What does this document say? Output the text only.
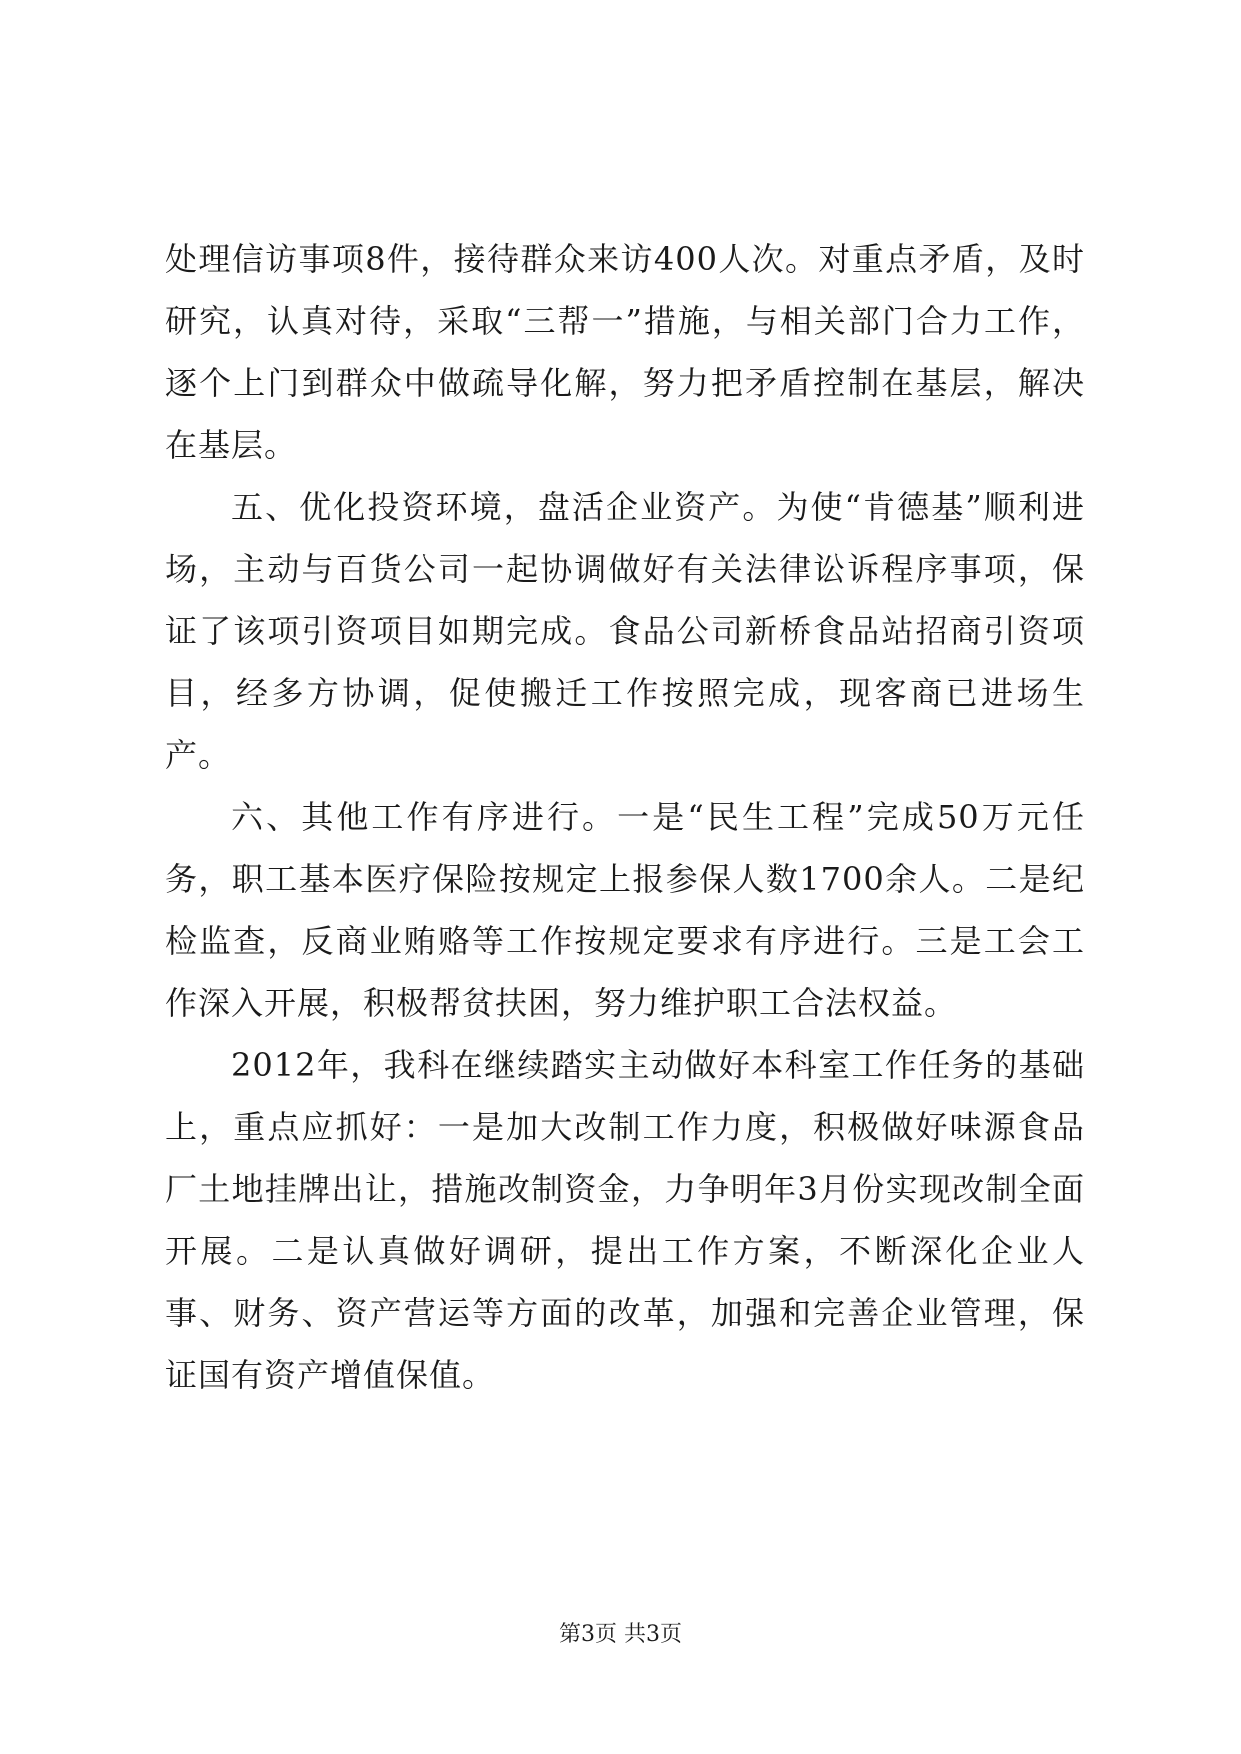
处理信访事项8件，接待群众来访400人次。对重点矛盾，及时研究，认真对待，采取“三帮一”措施，与相关部门合力工作，逐个上门到群众中做疏导化解，努力把矛盾控制在基层，解决在基层。

五、优化投资环境，盘活企业资产。为使“肯德基”顺利进场，主动与百货公司一起协调做好有关法律讼诉程序事项，保证了该项引资项目如期完成。食品公司新桥食品站招商引资项目，经多方协调，促使搬迁工作按照完成，现客商已进场生产。

六、其他工作有序进行。一是“民生工程”完成50万元任务，职工基本医疗保险按规定上报参保人数1700余人。二是纪检监查，反商业贿赂等工作按规定要求有序进行。三是工会工作深入开展，积极帮贫扶困，努力维护职工合法权益。

2012年，我科在继续踏实主动做好本科室工作任务的基础上，重点应抓好：一是加大改制工作力度，积极做好味源食品厂土地挂牌出让，措施改制资金，力争明年3月份实现改制全面开展。二是认真做好调研，提出工作方案，不断深化企业人事、财务、资产营运等方面的改革，加强和完善企业管理，保证国有资产增值保值。

第3页 共3页
